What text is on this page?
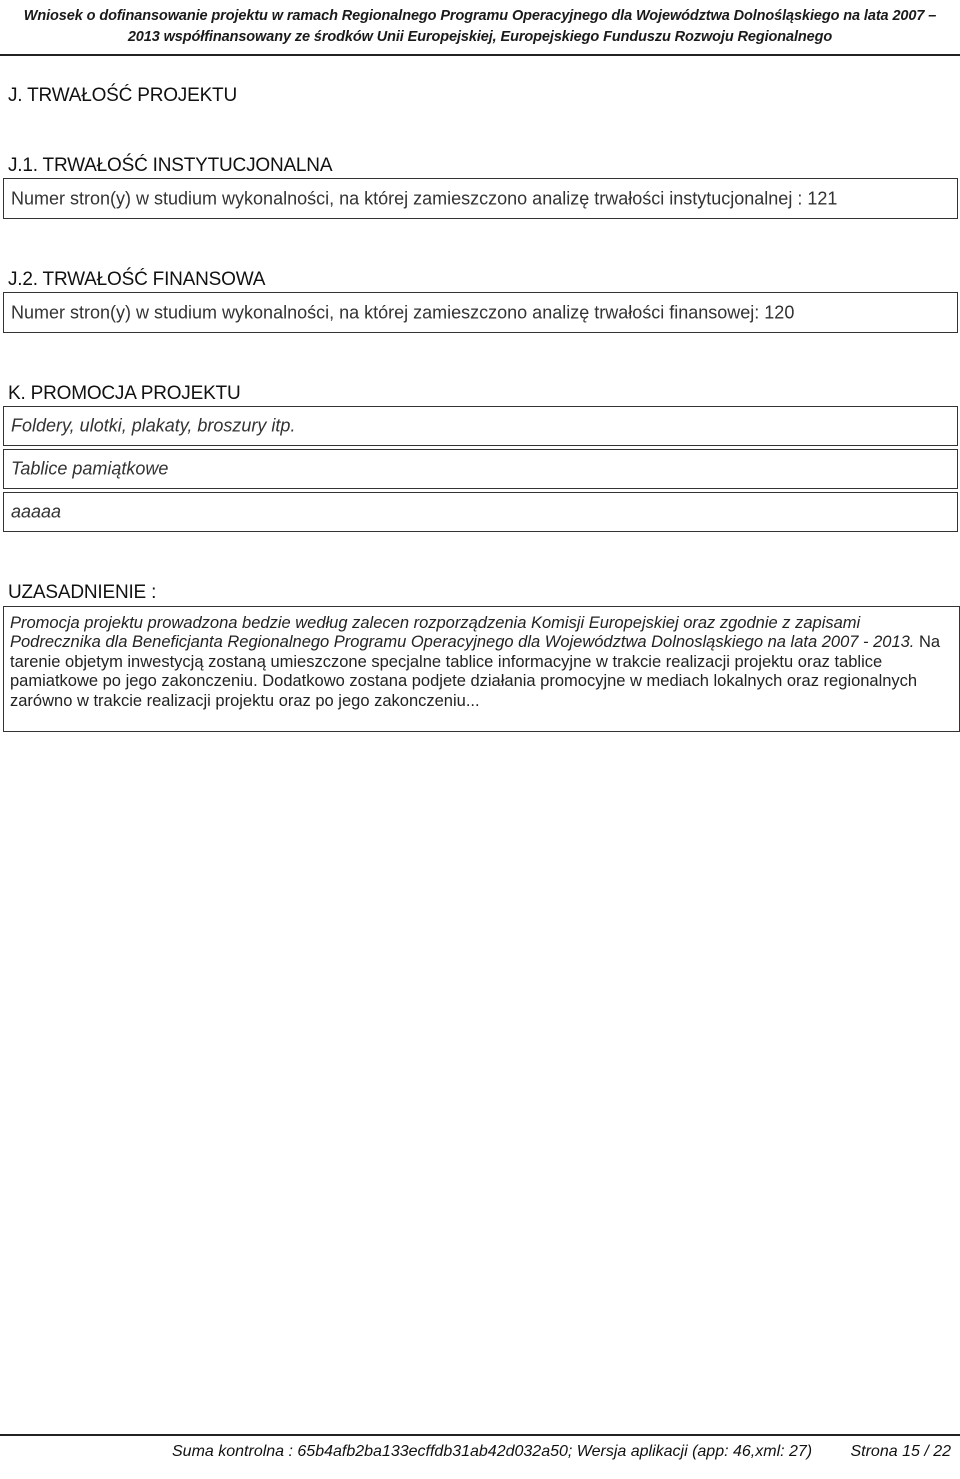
Wniosek o dofinansowanie projektu w ramach Regionalnego Programu Operacyjnego dla Województwa Dolnośląskiego na lata 2007 –
2013 współfinansowany ze środków Unii Europejskiej, Europejskiego Funduszu Rozwoju Regionalnego
J. TRWAŁOŚĆ PROJEKTU
J.1. TRWAŁOŚĆ INSTYTUCJONALNA
Numer stron(y) w studium wykonalności, na której zamieszczono analizę trwałości instytucjonalnej : 121
J.2. TRWAŁOŚĆ FINANSOWA
Numer stron(y) w studium wykonalności, na której zamieszczono analizę trwałości finansowej: 120
K. PROMOCJA PROJEKTU
Foldery, ulotki, plakaty, broszury itp.
Tablice pamiątkowe
aaaaa
UZASADNIENIE :

Promocja projektu prowadzona bedzie według zalecen rozporządzenia Komisji Europejskiej oraz zgodnie z zapisami Podrecznika dla Beneficjanta Regionalnego Programu Operacyjnego dla Województwa Dolnosląskiego na lata 2007 - 2013. Na tarenie objetym inwestycją zostaną umieszczone specjalne tablice informacyjne w trakcie realizacji projektu oraz tablice pamiatkowe po jego zakonczeniu. Dodatkowo zostana podjete działania promocyjne w mediach lokalnych oraz regionalnych zarówno w trakcie realizacji projektu oraz po jego zakonczeniu...

Suma kontrolna : 65b4afb2ba133ecffdb31ab42d032a50; Wersja aplikacji (app: 46,xml: 27) Strona 15 / 22
